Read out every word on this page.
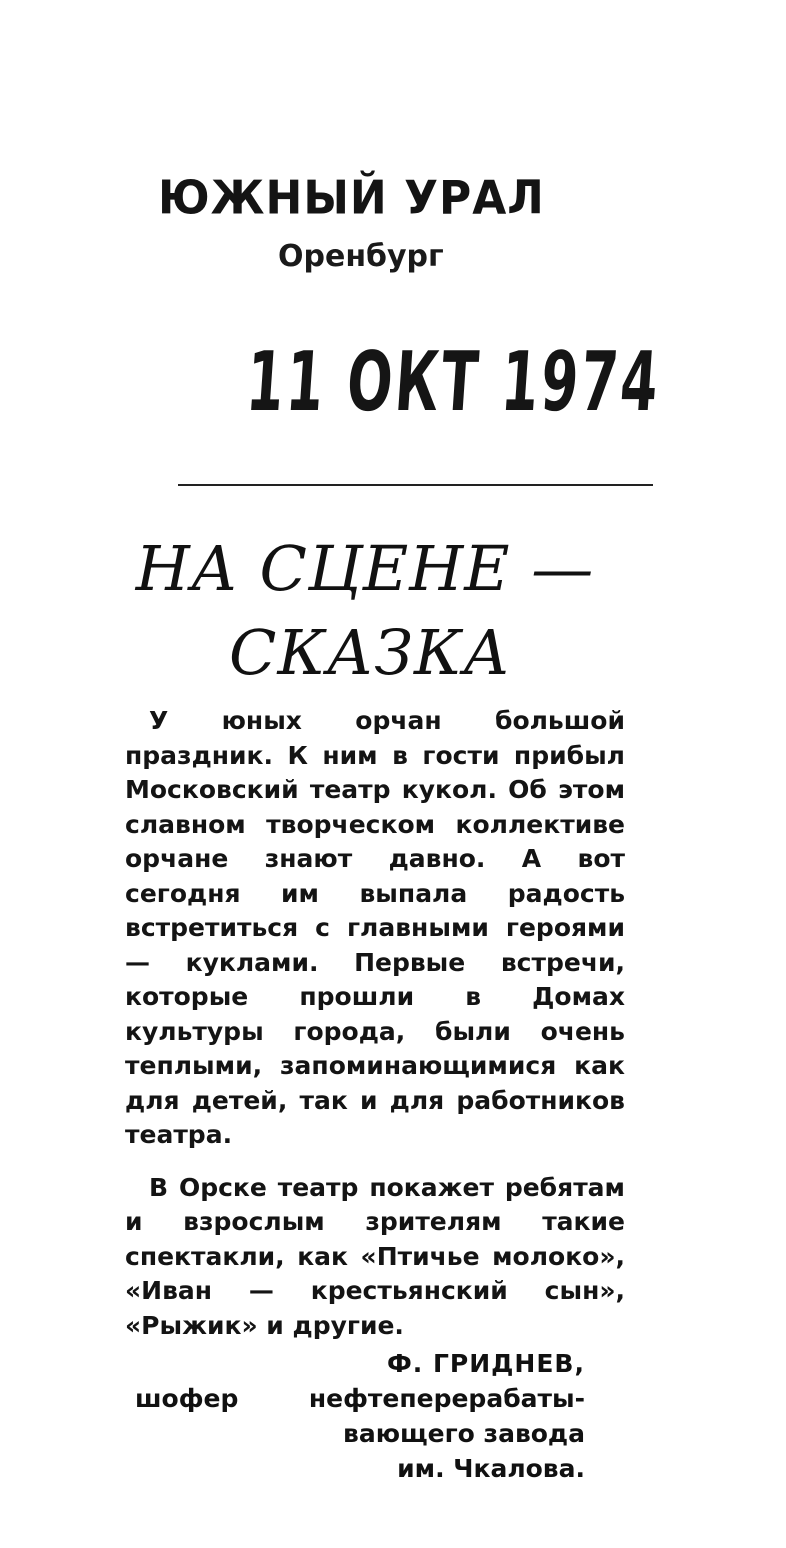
ЮЖНЫЙ УРАЛ
Оренбург
11 ОКТ 1974
НА СЦЕНЕ —
СКАЗКА

У юных орчан большой праздник. К ним в гости прибыл Московский театр кукол. Об этом славном творческом коллективе орчане знают давно. А вот сегодня им выпала радость встретиться с главными героями — куклами. Первые встречи, которые прошли в Домах культуры города, были очень теплыми, запоминающимися как для детей, так и для работников театра.

В Орске театр покажет ребятам и взрослым зрителям такие спектакли, как «Птичье молоко», «Иван — крестьянский сын», «Рыжик» и другие.

Ф. ГРИДНЕВ,
шофер	нефтеперерабаты-
вающего завода
им. Чкалова.
